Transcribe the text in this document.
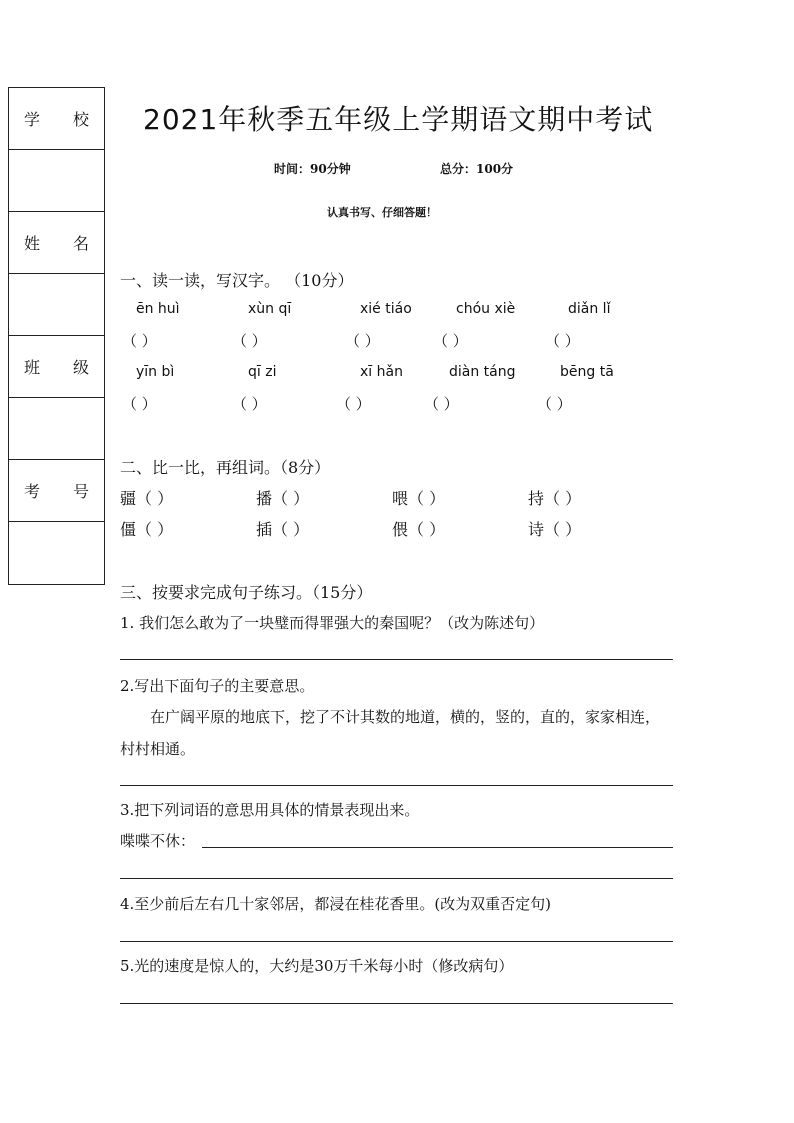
学 校
姓 名
班 级
考 号
2021年秋季五年级上学期语文期中考试
时间：90分钟	总分：100分
认真书写、仔细答题！
一、读一读，写汉字。 （10分）
ēn huì	xùn qī	xié tiáo	chóu xiè	diǎn lǐ
（ ）	（ ）	（ ）	（ ）	（ ）
yīn bì	qī zi	xī hǎn	diàn táng	bēng tā
（ ）	（ ）	（ ）	（ ）	（ ）
二、比一比，再组词。（8分）
疆（ ）	播（ ）	喂（ ）	持（ ）
僵（ ）	插（ ）	偎（ ）	诗（ ）
三、按要求完成句子练习。（15分）
1. 我们怎么敢为了一块璧而得罪强大的秦国呢？（改为陈述句）
2.写出下面句子的主要意思。
在广阔平原的地底下，挖了不计其数的地道，横的，竖的，直的，家家相连，
村村相通。
3.把下列词语的意思用具体的情景表现出来。
喋喋不休：
4.至少前后左右几十家邻居，都浸在桂花香里。(改为双重否定句)
5.光的速度是惊人的，大约是30万千米每小时（修改病句）
